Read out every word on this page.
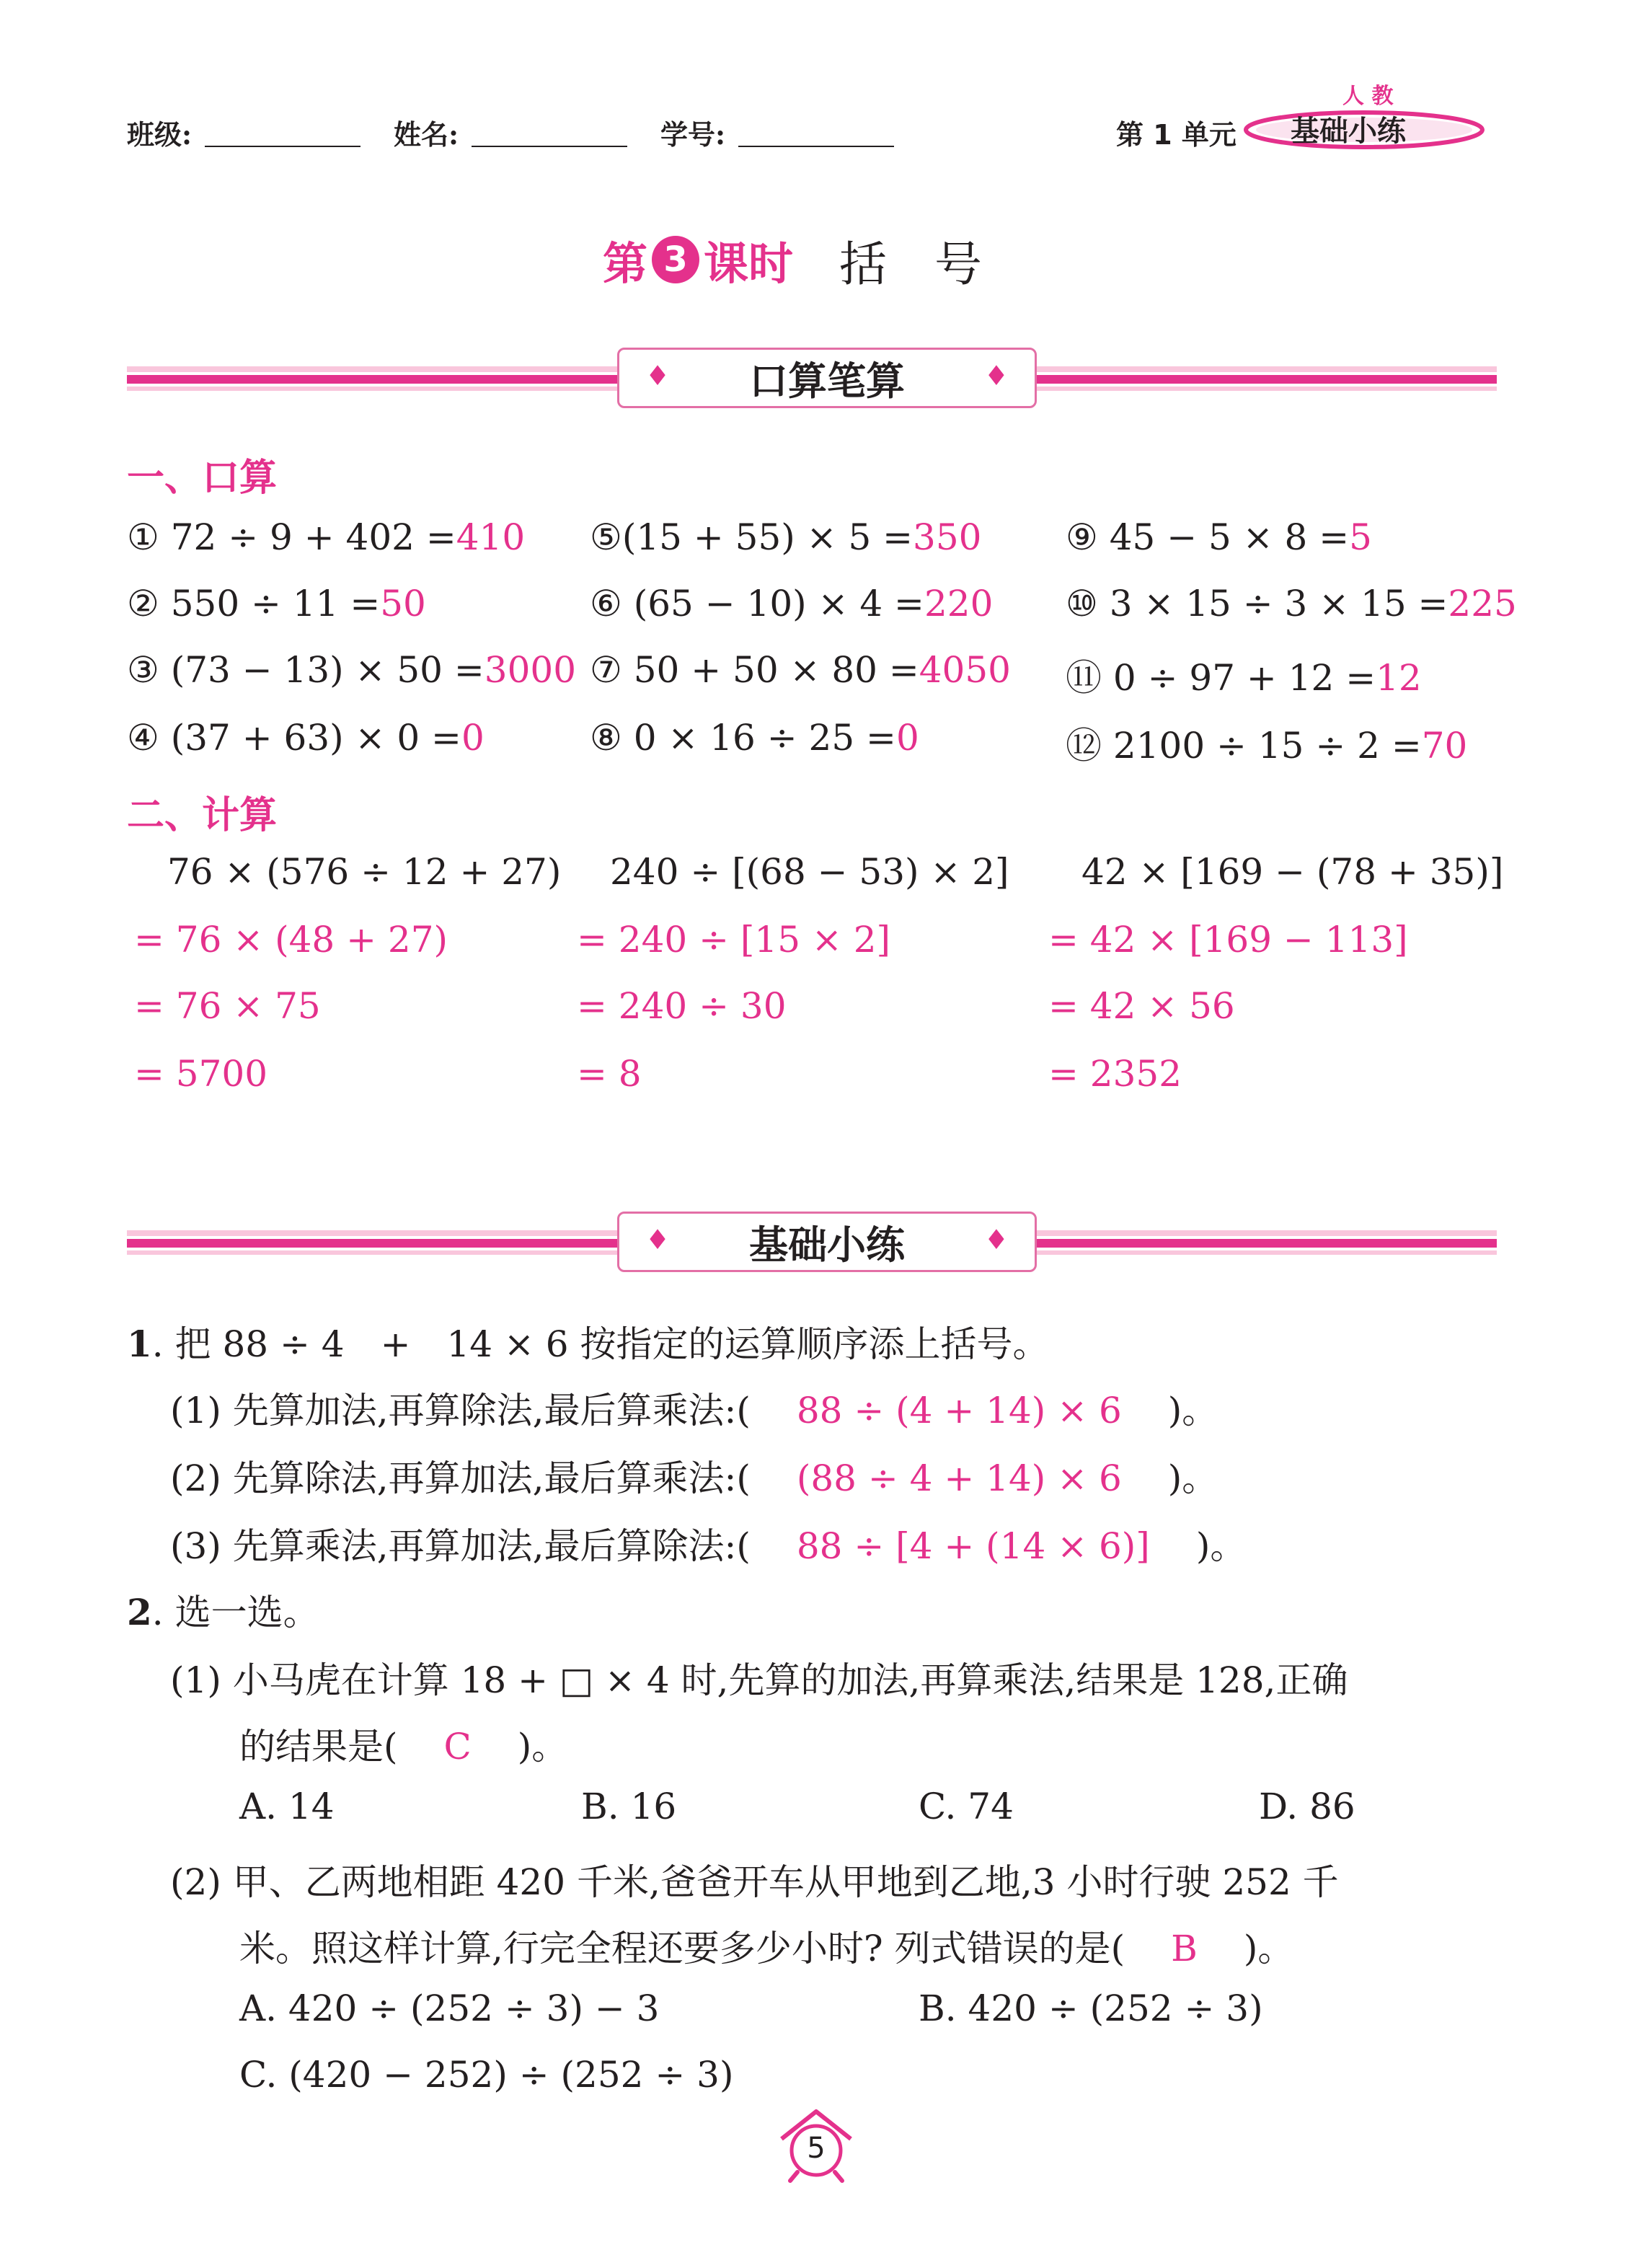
班级:	姓名:	学号:	第 1 单元
人 教
基础小练
第 3 课时 括　号
♦ 口算笔算	♦
一、口算
① 72 ÷ 9 + 402 =410
② 550 ÷ 11 =50
③ (73 − 13) × 50 =3000
④ (37 + 63) × 0 =0
⑤(15 + 55) × 5 =350
⑥ (65 − 10) × 4 =220
⑦ 50 + 50 × 80 =4050
⑧ 0 × 16 ÷ 25 =0
⑨ 45 − 5 × 8 =5
⑩ 3 × 15 ÷ 3 × 15 =225
⑪ 0 ÷ 97 + 12 =12
⑫ 2100 ÷ 15 ÷ 2 =70
二、计算
76 × (576 ÷ 12 + 27)
= 76 × (48 + 27)
= 76 × 75
= 5700
240 ÷ [(68 − 53) × 2]
= 240 ÷ [15 × 2]
= 240 ÷ 30
= 8
42 × [169 − (78 + 35)]
= 42 × [169 − 113]
= 42 × 56
= 2352
♦ 基础小练	♦
1. 把 88 ÷ 4　+　14 × 6 按指定的运算顺序添上括号。
(1) 先算加法,再算除法,最后算乘法:( 88 ÷ (4 + 14) × 6 )。
(2) 先算除法,再算加法,最后算乘法:( (88 ÷ 4 + 14) × 6 )。
(3) 先算乘法,再算加法,最后算除法:( 88 ÷ [4 + (14 × 6)] )。
2. 选一选。
(1) 小马虎在计算 18 + □ × 4 时,先算的加法,再算乘法,结果是 128,正确
的结果是( C )。
A. 14	B. 16	C. 74	D. 86
(2) 甲、乙两地相距 420 千米,爸爸开车从甲地到乙地,3 小时行驶 252 千
米。照这样计算,行完全程还要多少小时? 列式错误的是( B )。
A. 420 ÷ (252 ÷ 3) − 3	B. 420 ÷ (252 ÷ 3)
C. (420 − 252) ÷ (252 ÷ 3)
5
